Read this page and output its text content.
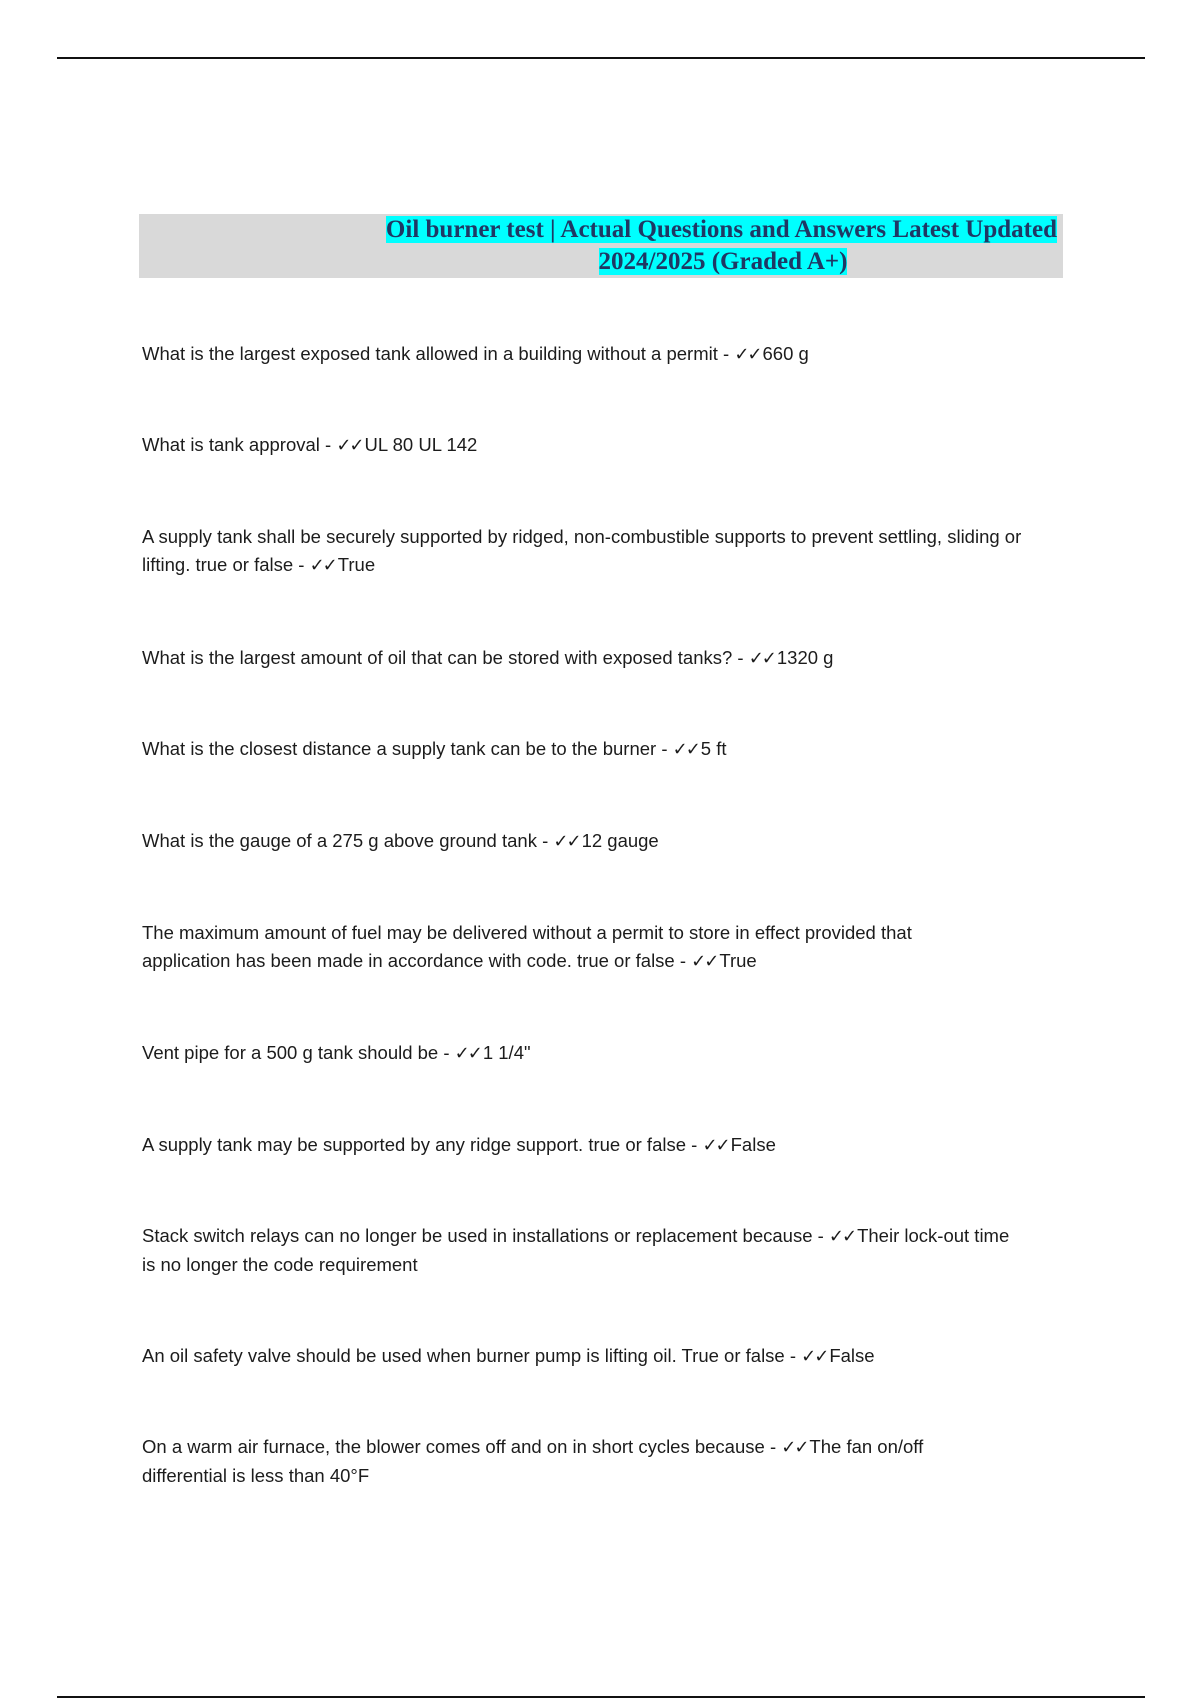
Oil burner test | Actual Questions and Answers Latest Updated
2024/2025 (Graded A+)
What is the largest exposed tank allowed in a building without a permit - ✓✓ 660 g
What is tank approval - ✓✓ UL 80 UL 142
A supply tank shall be securely supported by ridged, non-combustible supports to prevent settling, sliding or lifting. true or false - ✓✓ True
What is the largest amount of oil that can be stored with exposed tanks? - ✓✓ 1320 g
What is the closest distance a supply tank can be to the burner - ✓✓ 5 ft
What is the gauge of a 275 g above ground tank - ✓✓ 12 gauge
The maximum amount of fuel may be delivered without a permit to store in effect provided that application has been made in accordance with code. true or false - ✓✓ True
Vent pipe for a 500 g tank should be - ✓✓ 1 1/4"
A supply tank may be supported by any ridge support. true or false - ✓✓ False
Stack switch relays can no longer be used in installations or replacement because - ✓✓ Their lock-out time is no longer the code requirement
An oil safety valve should be used when burner pump is lifting oil. True or false - ✓✓ False
On a warm air furnace, the blower comes off and on in short cycles because - ✓✓ The fan on/off differential is less than 40°F
